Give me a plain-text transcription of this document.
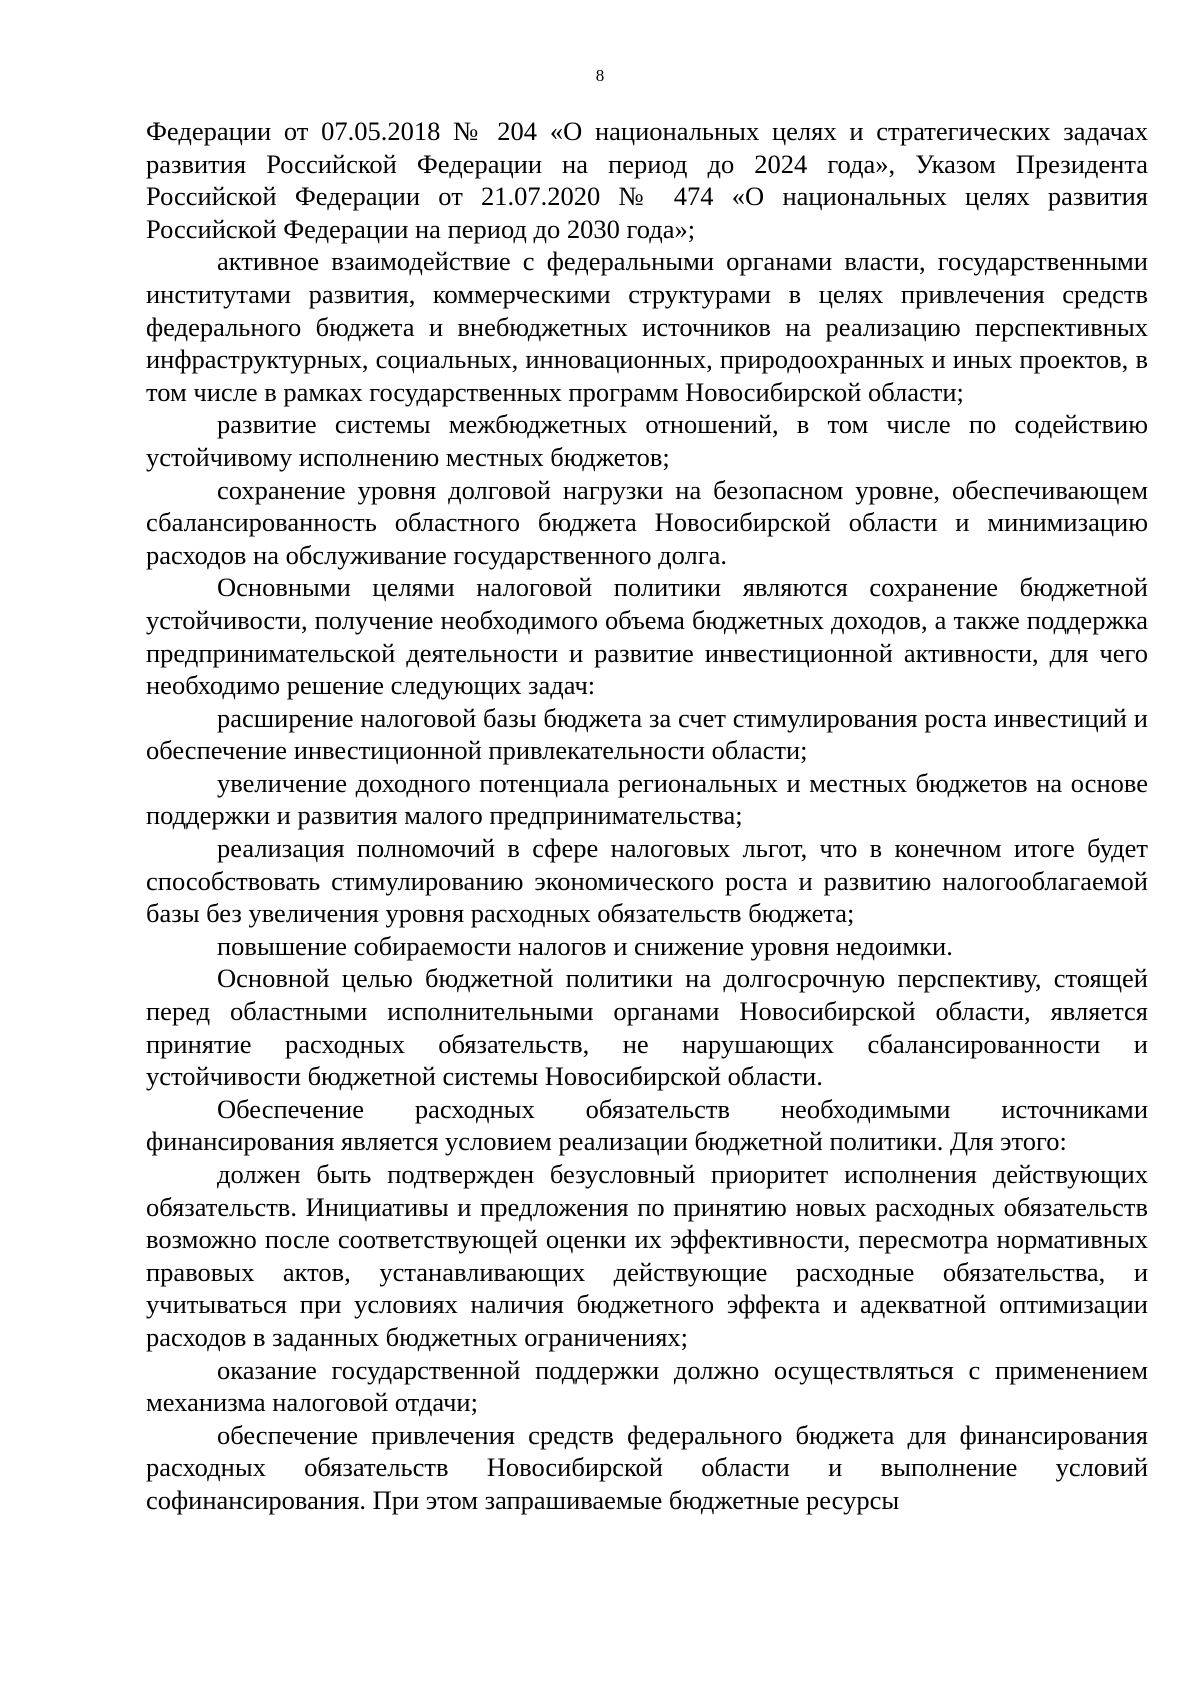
8

Федерации от 07.05.2018 № 204 «О национальных целях и стратегических задачах развития Российской Федерации на период до 2024 года», Указом Президента Российской Федерации от 21.07.2020 № 474 «О национальных целях развития Российской Федерации на период до 2030 года»;

активное взаимодействие с федеральными органами власти, государственными институтами развития, коммерческими структурами в целях привлечения средств федерального бюджета и внебюджетных источников на реализацию перспективных инфраструктурных, социальных, инновационных, природоохранных и иных проектов, в том числе в рамках государственных программ Новосибирской области;

развитие системы межбюджетных отношений, в том числе по содействию устойчивому исполнению местных бюджетов;

сохранение уровня долговой нагрузки на безопасном уровне, обеспечивающем сбалансированность областного бюджета Новосибирской области и минимизацию расходов на обслуживание государственного долга.

Основными целями налоговой политики являются сохранение бюджетной устойчивости, получение необходимого объема бюджетных доходов, а также поддержка предпринимательской деятельности и развитие инвестиционной активности, для чего необходимо решение следующих задач:

расширение налоговой базы бюджета за счет стимулирования роста инвестиций и обеспечение инвестиционной привлекательности области;

увеличение доходного потенциала региональных и местных бюджетов на основе поддержки и развития малого предпринимательства;

реализация полномочий в сфере налоговых льгот, что в конечном итоге будет способствовать стимулированию экономического роста и развитию налогооблагаемой базы без увеличения уровня расходных обязательств бюджета;

повышение собираемости налогов и снижение уровня недоимки.

Основной целью бюджетной политики на долгосрочную перспективу, стоящей перед областными исполнительными органами Новосибирской области, является принятие расходных обязательств, не нарушающих сбалансированности и устойчивости бюджетной системы Новосибирской области.

Обеспечение расходных обязательств необходимыми источниками финансирования является условием реализации бюджетной политики. Для этого:

должен быть подтвержден безусловный приоритет исполнения действующих обязательств. Инициативы и предложения по принятию новых расходных обязательств возможно после соответствующей оценки их эффективности, пересмотра нормативных правовых актов, устанавливающих действующие расходные обязательства, и учитываться при условиях наличия бюджетного эффекта и адекватной оптимизации расходов в заданных бюджетных ограничениях;

оказание государственной поддержки должно осуществляться с применением механизма налоговой отдачи;

обеспечение привлечения средств федерального бюджета для финансирования расходных обязательств Новосибирской области и выполнение условий софинансирования. При этом запрашиваемые бюджетные ресурсы
